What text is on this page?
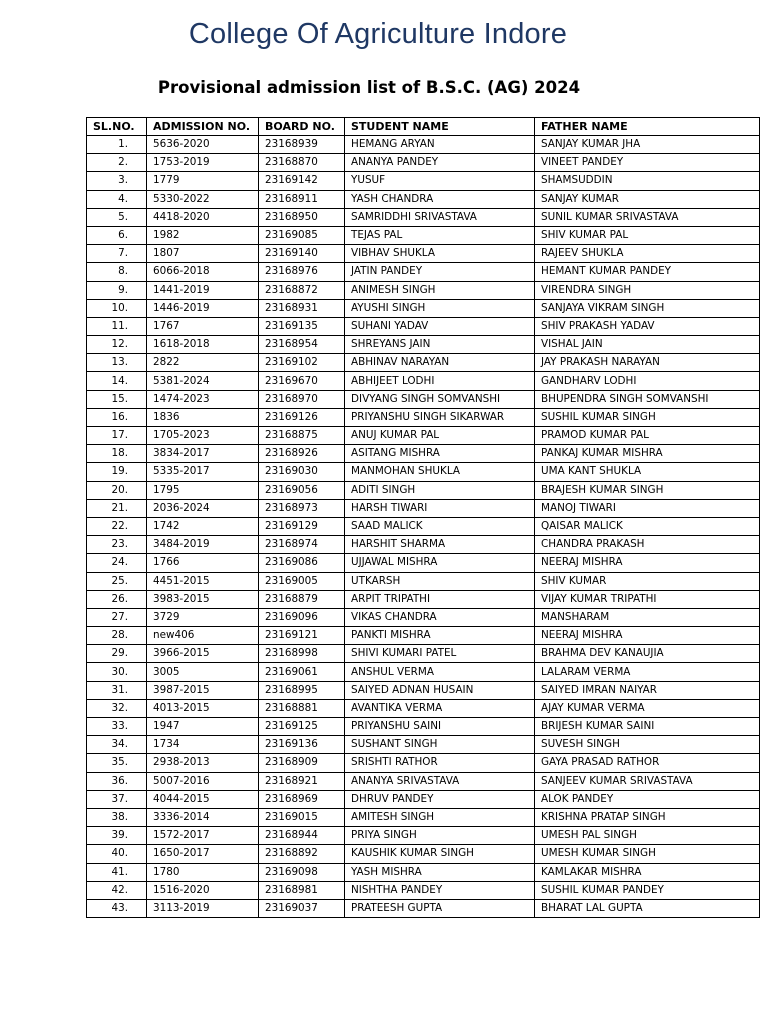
College Of Agriculture Indore
Provisional admission list of B.S.C. (AG) 2024
SL.NO.	ADMISSION NO.	BOARD NO.	STUDENT NAME	FATHER NAME
1.	5636-2020	23168939	HEMANG ARYAN	SANJAY KUMAR JHA
2.	1753-2019	23168870	ANANYA PANDEY	VINEET PANDEY
3.	1779	23169142	YUSUF	SHAMSUDDIN
4.	5330-2022	23168911	YASH CHANDRA	SANJAY KUMAR
5.	4418-2020	23168950	SAMRIDDHI SRIVASTAVA	SUNIL KUMAR SRIVASTAVA
6.	1982	23169085	TEJAS PAL	SHIV KUMAR PAL
7.	1807	23169140	VIBHAV SHUKLA	RAJEEV SHUKLA
8.	6066-2018	23168976	JATIN PANDEY	HEMANT KUMAR PANDEY
9.	1441-2019	23168872	ANIMESH SINGH	VIRENDRA SINGH
10.	1446-2019	23168931	AYUSHI SINGH	SANJAYA VIKRAM SINGH
11.	1767	23169135	SUHANI YADAV	SHIV PRAKASH YADAV
12.	1618-2018	23168954	SHREYANS JAIN	VISHAL JAIN
13.	2822	23169102	ABHINAV NARAYAN	JAY PRAKASH NARAYAN
14.	5381-2024	23169670	ABHIJEET LODHI	GANDHARV LODHI
15.	1474-2023	23168970	DIVYANG SINGH SOMVANSHI	BHUPENDRA SINGH SOMVANSHI
16.	1836	23169126	PRIYANSHU SINGH SIKARWAR	SUSHIL KUMAR SINGH
17.	1705-2023	23168875	ANUJ KUMAR PAL	PRAMOD KUMAR PAL
18.	3834-2017	23168926	ASITANG MISHRA	PANKAJ KUMAR MISHRA
19.	5335-2017	23169030	MANMOHAN SHUKLA	UMA KANT SHUKLA
20.	1795	23169056	ADITI SINGH	BRAJESH KUMAR SINGH
21.	2036-2024	23168973	HARSH TIWARI	MANOJ TIWARI
22.	1742	23169129	SAAD MALICK	QAISAR MALICK
23.	3484-2019	23168974	HARSHIT SHARMA	CHANDRA PRAKASH
24.	1766	23169086	UJJAWAL MISHRA	NEERAJ MISHRA
25.	4451-2015	23169005	UTKARSH	SHIV KUMAR
26.	3983-2015	23168879	ARPIT TRIPATHI	VIJAY KUMAR TRIPATHI
27.	3729	23169096	VIKAS CHANDRA	MANSHARAM
28.	new406	23169121	PANKTI MISHRA	NEERAJ MISHRA
29.	3966-2015	23168998	SHIVI KUMARI PATEL	BRAHMA DEV KANAUJIA
30.	3005	23169061	ANSHUL VERMA	LALARAM VERMA
31.	3987-2015	23168995	SAIYED ADNAN HUSAIN	SAIYED IMRAN NAIYAR
32.	4013-2015	23168881	AVANTIKA VERMA	AJAY KUMAR VERMA
33.	1947	23169125	PRIYANSHU SAINI	BRIJESH KUMAR SAINI
34.	1734	23169136	SUSHANT SINGH	SUVESH SINGH
35.	2938-2013	23168909	SRISHTI RATHOR	GAYA PRASAD RATHOR
36.	5007-2016	23168921	ANANYA SRIVASTAVA	SANJEEV KUMAR SRIVASTAVA
37.	4044-2015	23168969	DHRUV PANDEY	ALOK PANDEY
38.	3336-2014	23169015	AMITESH SINGH	KRISHNA PRATAP SINGH
39.	1572-2017	23168944	PRIYA SINGH	UMESH PAL SINGH
40.	1650-2017	23168892	KAUSHIK KUMAR SINGH	UMESH KUMAR SINGH
41.	1780	23169098	YASH MISHRA	KAMLAKAR MISHRA
42.	1516-2020	23168981	NISHTHA PANDEY	SUSHIL KUMAR PANDEY
43.	3113-2019	23169037	PRATEESH GUPTA	BHARAT LAL GUPTA
